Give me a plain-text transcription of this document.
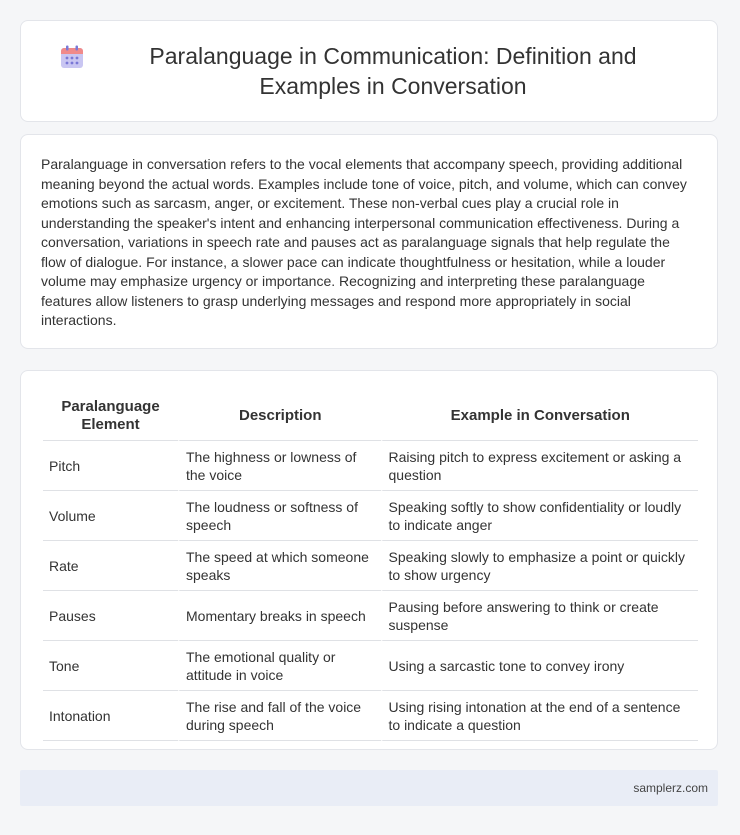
Paralanguage in Communication: Definition and Examples in Conversation

Paralanguage in conversation refers to the vocal elements that accompany speech, providing additional meaning beyond the actual words. Examples include tone of voice, pitch, and volume, which can convey emotions such as sarcasm, anger, or excitement. These non-verbal cues play a crucial role in understanding the speaker's intent and enhancing interpersonal communication effectiveness. During a conversation, variations in speech rate and pauses act as paralanguage signals that help regulate the flow of dialogue. For instance, a slower pace can indicate thoughtfulness or hesitation, while a louder volume may emphasize urgency or importance. Recognizing and interpreting these paralanguage features allow listeners to grasp underlying messages and respond more appropriately in social interactions.

Paralanguage Element	Description	Example in Conversation
Pitch	The highness or lowness of the voice	Raising pitch to express excitement or asking a question
Volume	The loudness or softness of speech	Speaking softly to show confidentiality or loudly to indicate anger
Rate	The speed at which someone speaks	Speaking slowly to emphasize a point or quickly to show urgency
Pauses	Momentary breaks in speech	Pausing before answering to think or create suspense
Tone	The emotional quality or attitude in voice	Using a sarcastic tone to convey irony
Intonation	The rise and fall of the voice during speech	Using rising intonation at the end of a sentence to indicate a question
samplerz.com
